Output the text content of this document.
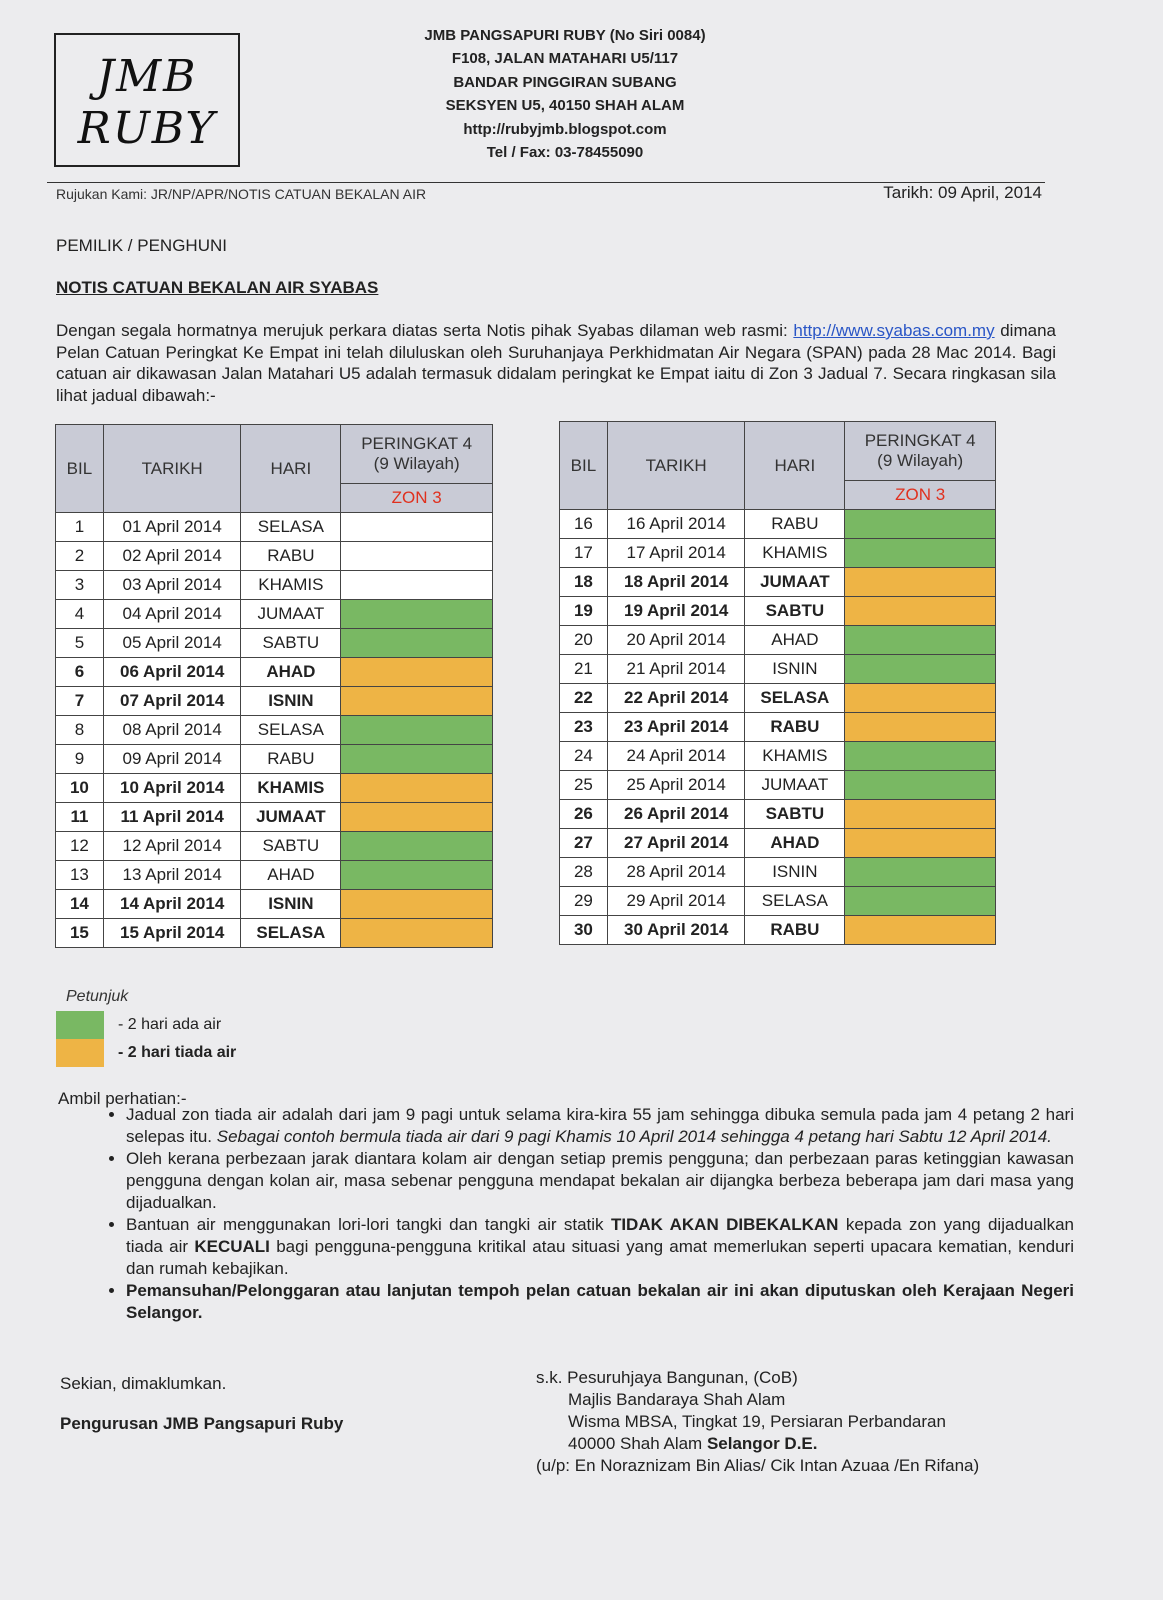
JMB
RUBY
JMB PANGSAPURI RUBY (No Siri 0084)
F108, JALAN MATAHARI U5/117
BANDAR PINGGIRAN SUBANG
SEKSYEN U5, 40150 SHAH ALAM
http://rubyjmb.blogspot.com
Tel / Fax: 03-78455090
Rujukan Kami: JR/NP/APR/NOTIS CATUAN BEKALAN AIR	Tarikh: 09 April, 2014
PEMILIK / PENGHUNI
NOTIS CATUAN BEKALAN AIR SYABAS
Dengan segala hormatnya merujuk perkara diatas serta Notis pihak Syabas dilaman web rasmi: http://www.syabas.com.my dimana Pelan Catuan Peringkat Ke Empat ini telah diluluskan oleh Suruhanjaya Perkhidmatan Air Negara (SPAN) pada 28 Mac 2014. Bagi catuan air dikawasan Jalan Matahari U5 adalah termasuk didalam peringkat ke Empat iaitu di Zon 3 Jadual 7. Secara ringkasan sila lihat jadual dibawah:-
BIL	TARIKH	HARI	PERINGKAT 4
(9 Wilayah)
			ZON 3
1	01 April 2014	SELASA	
2	02 April 2014	RABU	
3	03 April 2014	KHAMIS	
4	04 April 2014	JUMAAT	
5	05 April 2014	SABTU	
6	06 April 2014	AHAD	
7	07 April 2014	ISNIN	
8	08 April 2014	SELASA	
9	09 April 2014	RABU	
10	10 April 2014	KHAMIS	
11	11 April 2014	JUMAAT	
12	12 April 2014	SABTU	
13	13 April 2014	AHAD	
14	14 April 2014	ISNIN	
15	15 April 2014	SELASA	
BIL	TARIKH	HARI	PERINGKAT 4
(9 Wilayah)
			ZON 3
16	16 April 2014	RABU	
17	17 April 2014	KHAMIS	
18	18 April 2014	JUMAAT	
19	19 April 2014	SABTU	
20	20 April 2014	AHAD	
21	21 April 2014	ISNIN	
22	22 April 2014	SELASA	
23	23 April 2014	RABU	
24	24 April 2014	KHAMIS	
25	25 April 2014	JUMAAT	
26	26 April 2014	SABTU	
27	27 April 2014	AHAD	
28	28 April 2014	ISNIN	
29	29 April 2014	SELASA	
30	30 April 2014	RABU	
Petunjuk
- 2 hari ada air
- 2 hari tiada air
Ambil perhatian:-
• Jadual zon tiada air adalah dari jam 9 pagi untuk selama kira-kira 55 jam sehingga dibuka semula pada jam 4 petang 2 hari selepas itu. Sebagai contoh bermula tiada air dari 9 pagi Khamis 10 April 2014 sehingga 4 petang hari Sabtu 12 April 2014.
• Oleh kerana perbezaan jarak diantara kolam air dengan setiap premis pengguna; dan perbezaan paras ketinggian kawasan pengguna dengan kolan air, masa sebenar pengguna mendapat bekalan air dijangka berbeza beberapa jam dari masa yang dijadualkan.
• Bantuan air menggunakan lori-lori tangki dan tangki air statik TIDAK AKAN DIBEKALKAN kepada zon yang dijadualkan tiada air KECUALI bagi pengguna-pengguna kritikal atau situasi yang amat memerlukan seperti upacara kematian, kenduri dan rumah kebajikan.
• Pemansuhan/Pelonggaran atau lanjutan tempoh pelan catuan bekalan air ini akan diputuskan oleh Kerajaan Negeri Selangor.
Sekian, dimaklumkan.
Pengurusan JMB Pangsapuri Ruby
s.k. Pesuruhjaya Bangunan, (CoB)
Majlis Bandaraya Shah Alam
Wisma MBSA, Tingkat 19, Persiaran Perbandaran
40000 Shah Alam Selangor D.E.
(u/p: En Noraznizam Bin Alias/ Cik Intan Azuaa /En Rifana)
